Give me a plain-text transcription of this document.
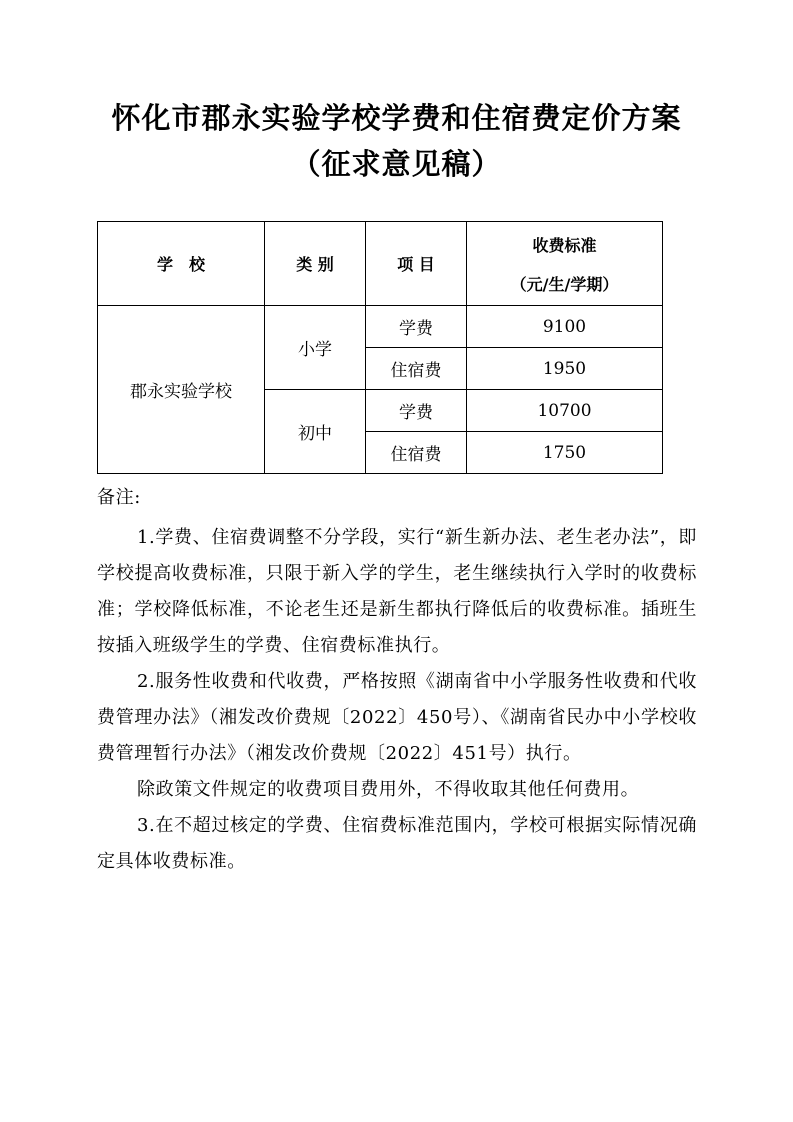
怀化市郡永实验学校学费和住宿费定价方案
（征求意见稿）
学　校	类 别	项 目	收费标准
（元/生/学期）

郡永实验学校	小学	学费	9100
		住宿费	1950
	初中	学费	10700
		住宿费	1750

备注:

1.学费、住宿费调整不分学段，实行“新生新办法、老生老办法”，即学校提高收费标准，只限于新入学的学生，老生继续执行入学时的收费标准；学校降低标准，不论老生还是新生都执行降低后的收费标准。插班生按插入班级学生的学费、住宿费标准执行。

2.服务性收费和代收费，严格按照《湖南省中小学服务性收费和代收费管理办法》（湘发改价费规〔2022〕450号）、《湖南省民办中小学校收费管理暂行办法》（湘发改价费规〔2022〕451号）执行。

除政策文件规定的收费项目费用外，不得收取其他任何费用。

3.在不超过核定的学费、住宿费标准范围内，学校可根据实际情况确定具体收费标准。
